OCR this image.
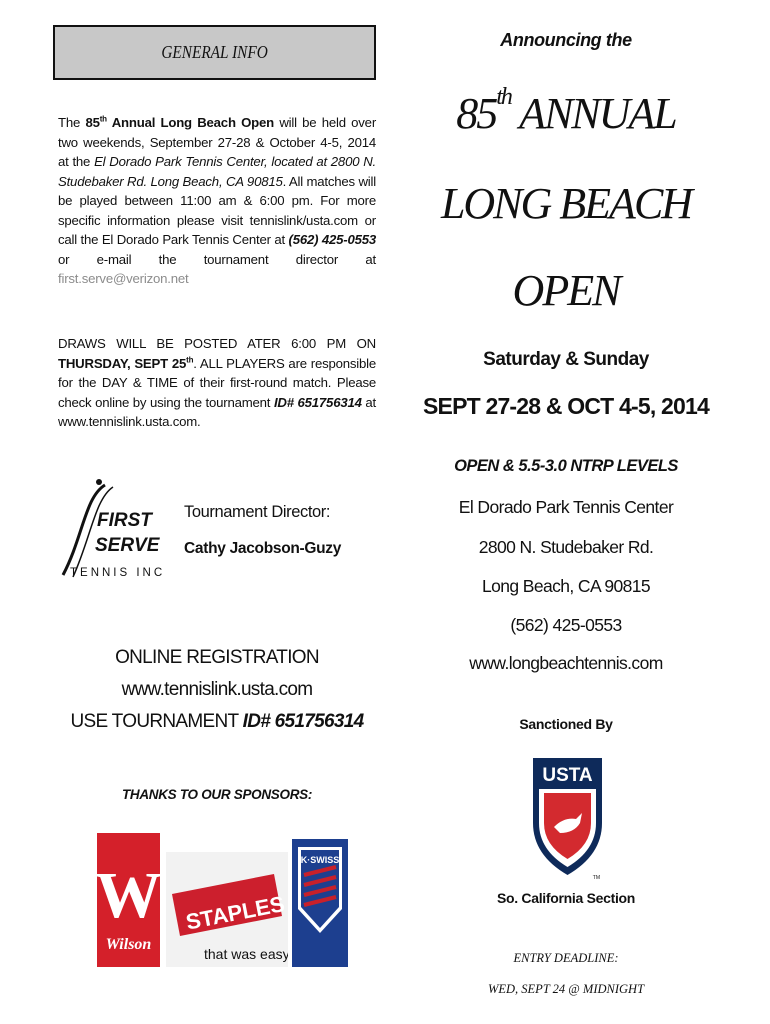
GENERAL INFO
The 85th Annual Long Beach Open will be held over two weekends, September 27-28 & October 4-5, 2014 at the El Dorado Park Tennis Center, located at 2800 N. Studebaker Rd. Long Beach, CA 90815. All matches will be played between 11:00 am & 6:00 pm. For more specific information please visit tennislink/usta.com or call the El Dorado Park Tennis Center at (562) 425-0553 or e-mail the tournament director at first.serve@verizon.net
DRAWS WILL BE POSTED ATER 6:00 PM ON THURSDAY, SEPT 25th. ALL PLAYERS are responsible for the DAY & TIME of their first-round match. Please check online by using the tournament ID# 651756314 at www.tennislink.usta.com.
FIRST
SERVE
TENNIS INC
Tournament Director:
Cathy Jacobson-Guzy
ONLINE REGISTRATION
www.tennislink.usta.com
USE TOURNAMENT ID# 651756314
THANKS TO OUR SPONSORS:
W
Wilson
STAPLES
that was easy.
K·SWISS
Announcing the
85th ANNUAL
LONG BEACH
OPEN
Saturday & Sunday
SEPT 27-28 & OCT 4-5, 2014
OPEN & 5.5-3.0 NTRP LEVELS
El Dorado Park Tennis Center
2800 N. Studebaker Rd.
Long Beach, CA 90815
(562) 425-0553
www.longbeachtennis.com
Sanctioned By
USTA
TM
So. California Section
ENTRY DEADLINE:
WED, SEPT 24 @ MIDNIGHT
